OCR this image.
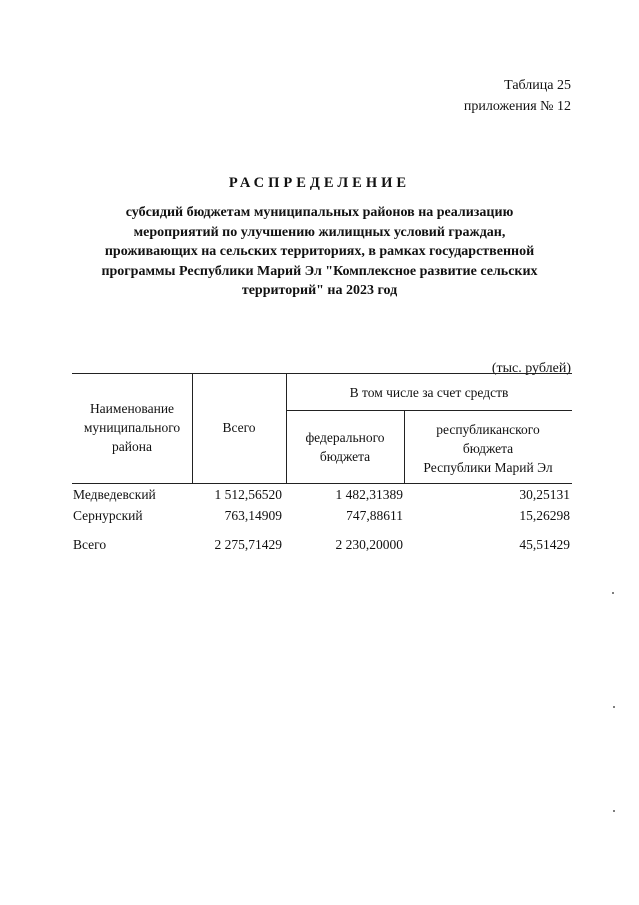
Таблица 25
приложения № 12
РАСПРЕДЕЛЕНИЕ
субсидий бюджетам муниципальных районов на реализацию
мероприятий по улучшению жилищных условий граждан,
проживающих на сельских территориях, в рамках государственной
программы Республики Марий Эл "Комплексное развитие сельских
территорий" на 2023 год
(тыс. рублей)
Наименование
муниципального
района
Всего
В том числе за счет средств
федерального
бюджета
республиканского
бюджета
Республики Марий Эл
Медведевский	1 512,56520	1 482,31389	30,25131
Сернурский	763,14909	747,88611	15,26298
Всего	2 275,71429	2 230,20000	45,51429
